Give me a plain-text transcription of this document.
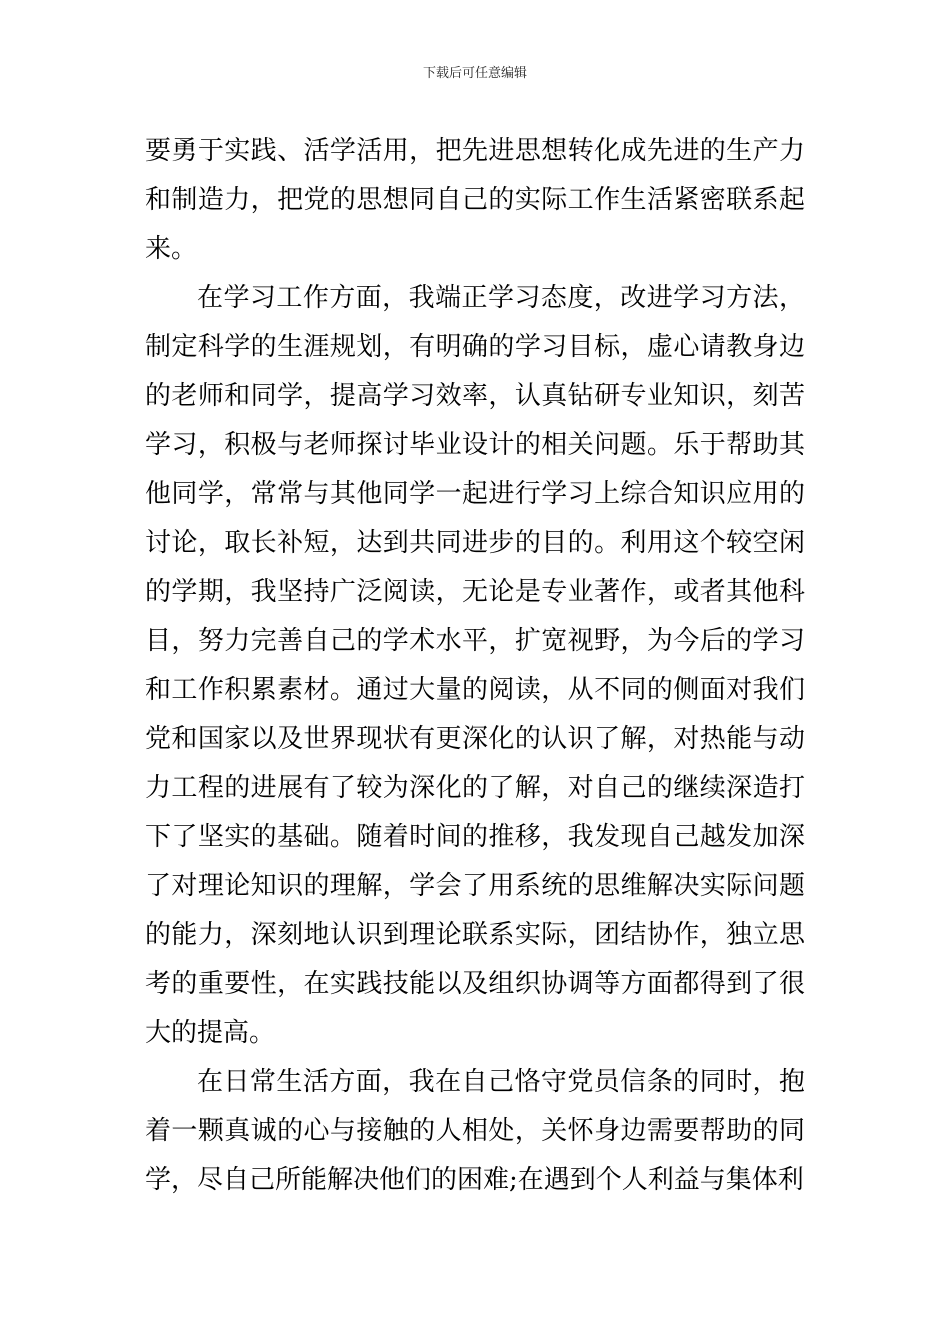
下载后可任意编辑

要勇于实践、活学活用，把先进思想转化成先进的生产力和制造力，把党的思想同自己的实际工作生活紧密联系起来。

在学习工作方面，我端正学习态度，改进学习方法，制定科学的生涯规划，有明确的学习目标，虚心请教身边的老师和同学，提高学习效率，认真钻研专业知识，刻苦学习，积极与老师探讨毕业设计的相关问题。乐于帮助其他同学，常常与其他同学一起进行学习上综合知识应用的讨论，取长补短，达到共同进步的目的。利用这个较空闲的学期，我坚持广泛阅读，无论是专业著作，或者其他科目，努力完善自己的学术水平，扩宽视野，为今后的学习和工作积累素材。通过大量的阅读，从不同的侧面对我们党和国家以及世界现状有更深化的认识了解，对热能与动力工程的进展有了较为深化的了解，对自己的继续深造打下了坚实的基础。随着时间的推移，我发现自己越发加深了对理论知识的理解，学会了用系统的思维解决实际问题的能力，深刻地认识到理论联系实际，团结协作，独立思考的重要性，在实践技能以及组织协调等方面都得到了很大的提高。

在日常生活方面，我在自己恪守党员信条的同时，抱着一颗真诚的心与接触的人相处，关怀身边需要帮助的同学，尽自己所能解决他们的困难;在遇到个人利益与集体利
